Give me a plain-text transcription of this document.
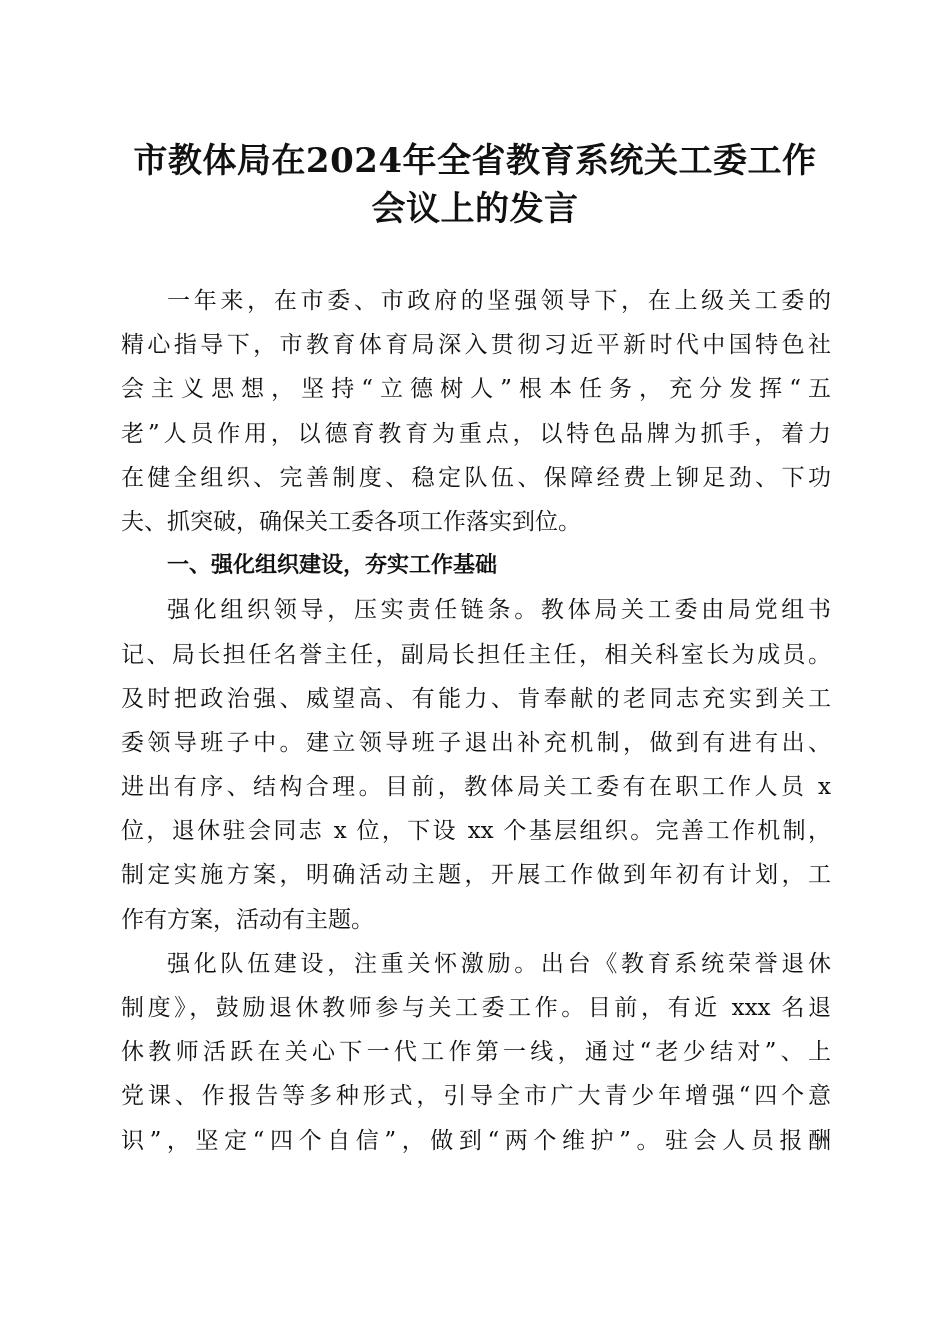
市教体局在2024年全省教育系统关工委工作
会议上的发言
一年来，在市委、市政府的坚强领导下，在上级关工委的
精心指导下，市教育体育局深入贯彻习近平新时代中国特色社
会主义思想，坚持“立德树人”根本任务，充分发挥“五
老”人员作用，以德育教育为重点，以特色品牌为抓手，着力
在健全组织、完善制度、稳定队伍、保障经费上铆足劲、下功
夫、抓突破，确保关工委各项工作落实到位。
一、强化组织建设，夯实工作基础
强化组织领导，压实责任链条。教体局关工委由局党组书
记、局长担任名誉主任，副局长担任主任，相关科室长为成员。
及时把政治强、威望高、有能力、肯奉献的老同志充实到关工
委领导班子中。建立领导班子退出补充机制，做到有进有出、
进出有序、结构合理。目前，教体局关工委有在职工作人员 x
位，退休驻会同志 x 位，下设 xx 个基层组织。完善工作机制，
制定实施方案，明确活动主题，开展工作做到年初有计划，工
作有方案，活动有主题。
强化队伍建设，注重关怀激励。出台《教育系统荣誉退休
制度》，鼓励退休教师参与关工委工作。目前，有近 xxx 名退
休教师活跃在关心下一代工作第一线，通过“老少结对”、上
党课、作报告等多种形式，引导全市广大青少年增强“四个意
识”，坚定“四个自信”，做到“两个维护”。驻会人员报酬
